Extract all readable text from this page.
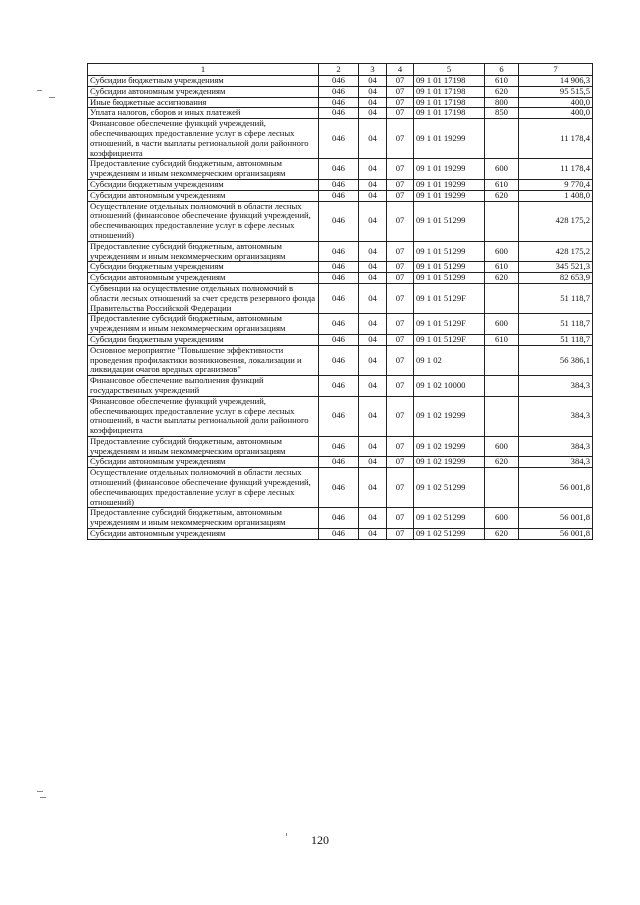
1	2	3	4	5	6	7
Субсидии бюджетным учреждениям	046	04	07	09 1 01 17198	610	14 906,3
Субсидии автономным учреждениям	046	04	07	09 1 01 17198	620	95 515,5
Иные бюджетные ассигнования	046	04	07	09 1 01 17198	800	400,0
Уплата налогов, сборов и иных платежей	046	04	07	09 1 01 17198	850	400,0
Финансовое обеспечение функций учреждений, обеспечивающих предоставление услуг в сфере лесных отношений, в части выплаты региональной доли районного коэффициента	046	04	07	09 1 01 19299		11 178,4
Предоставление субсидий бюджетным, автономным учреждениям и иным некоммерческим организациям	046	04	07	09 1 01 19299	600	11 178,4
Субсидии бюджетным учреждениям	046	04	07	09 1 01 19299	610	9 770,4
Субсидии автономным учреждениям	046	04	07	09 1 01 19299	620	1 408,0
Осуществление отдельных полномочий в области лесных отношений (финансовое обеспечение функций учреждений, обеспечивающих предоставление услуг в сфере лесных отношений)	046	04	07	09 1 01 51299		428 175,2
Предоставление субсидий бюджетным, автономным учреждениям и иным некоммерческим организациям	046	04	07	09 1 01 51299	600	428 175,2
Субсидии бюджетным учреждениям	046	04	07	09 1 01 51299	610	345 521,3
Субсидии автономным учреждениям	046	04	07	09 1 01 51299	620	82 653,9
Субвенции на осуществление отдельных полномочий в области лесных отношений за счет средств резервного фонда Правительства Российской Федерации	046	04	07	09 1 01 5129F		51 118,7
Предоставление субсидий бюджетным, автономным учреждениям и иным некоммерческим организациям	046	04	07	09 1 01 5129F	600	51 118,7
Субсидии бюджетным учреждениям	046	04	07	09 1 01 5129F	610	51 118,7
Основное мероприятие "Повышение эффективности проведения профилактики возникновения, локализации и ликвидации очагов вредных организмов"	046	04	07	09 1 02		56 386,1
Финансовое обеспечение выполнения функций государственных учреждений	046	04	07	09 1 02 10000		384,3
Финансовое обеспечение функций учреждений, обеспечивающих предоставление услуг в сфере лесных отношений, в части выплаты региональной доли районного коэффициента	046	04	07	09 1 02 19299		384,3
Предоставление субсидий бюджетным, автономным учреждениям и иным некоммерческим организациям	046	04	07	09 1 02 19299	600	384,3
Субсидии автономным учреждениям	046	04	07	09 1 02 19299	620	384,3
Осуществление отдельных полномочий в области лесных отношений (финансовое обеспечение функций учреждений, обеспечивающих предоставление услуг в сфере лесных отношений)	046	04	07	09 1 02 51299		56 001,8
Предоставление субсидий бюджетным, автономным учреждениям и иным некоммерческим организациям	046	04	07	09 1 02 51299	600	56 001,8
Субсидии автономным учреждениям	046	04	07	09 1 02 51299	620	56 001,8
120
